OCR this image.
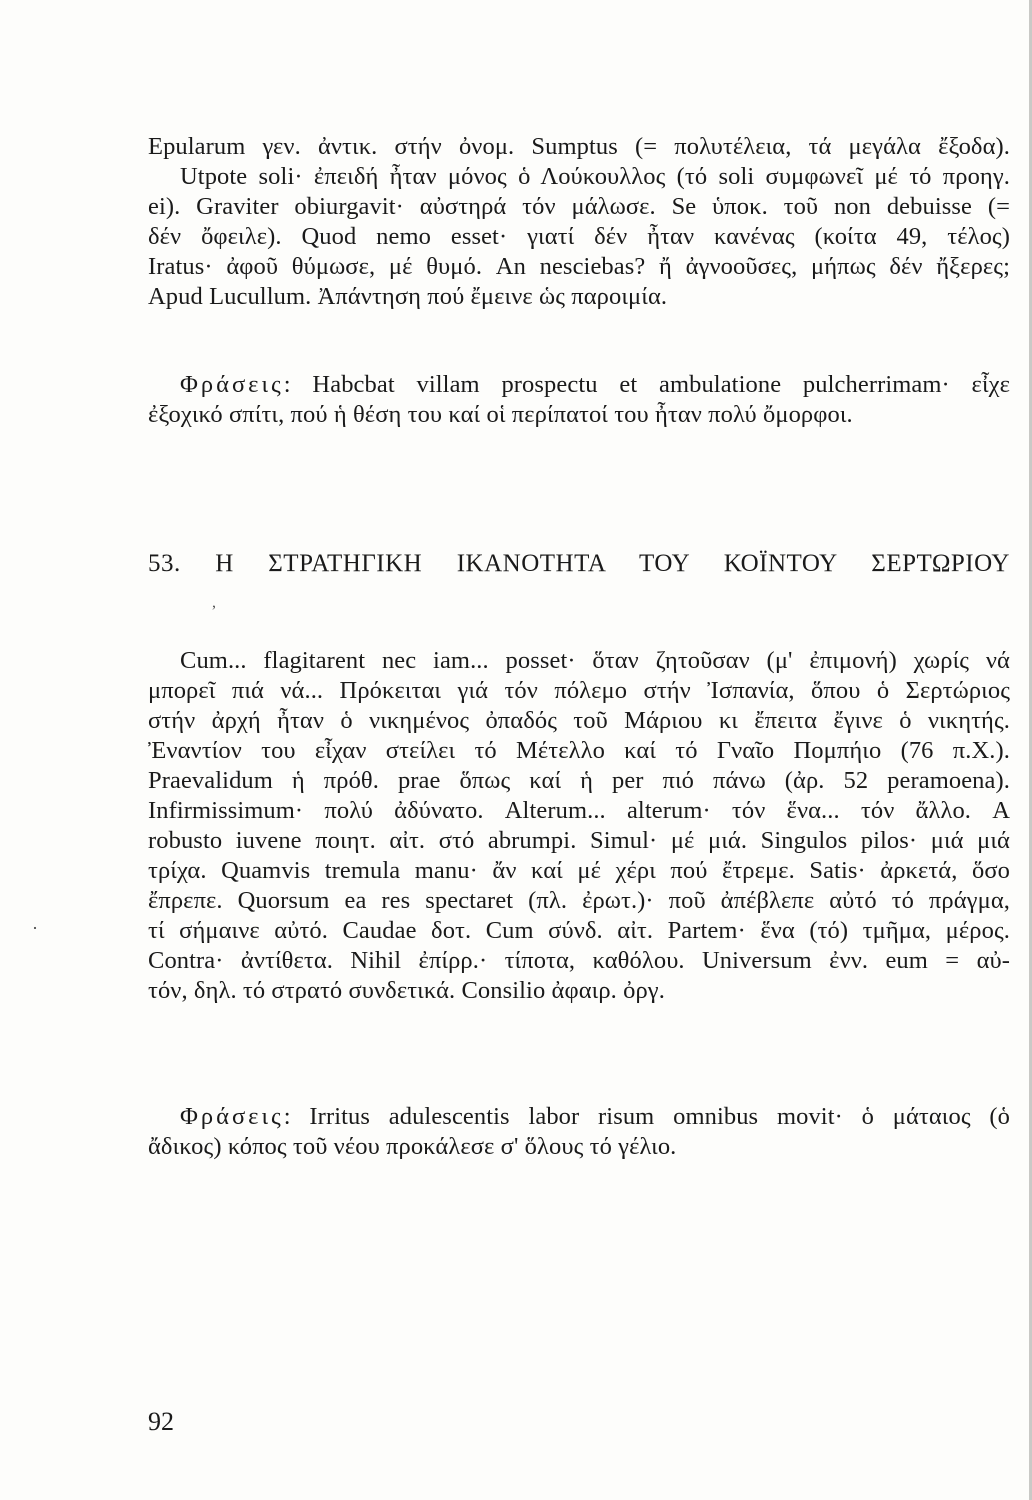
Epularum γεν. ἀντικ. στήν ὀνομ. Sumptus (= πολυτέλεια, τά μεγάλα ἔξοδα).
Utpote soli· ἐπειδή ἦταν μόνος ὁ Λούκουλλος (τό soli συμφωνεῖ μέ τό προηγ.
ei). Graviter obiurgavit· αὐστηρά τόν μάλωσε. Se ὑποκ. τοῦ non debuisse (=
δέν ὄφειλε). Quod nemo esset· γιατί δέν ἦταν κανένας (κοίτα 49, τέλος)
Iratus· ἀφοῦ θύμωσε, μέ θυμό. An nesciebas? ἤ ἀγνοοῦσες, μήπως δέν ἤξερες;
Apud Lucullum. Ἀπάντηση πού ἔμεινε ὡς παροιμία.
Φράσεις: Habcbat villam prospectu et ambulatione pulcherrimam· εἶχε
ἐξοχικό σπίτι, πού ἡ θέση του καί οἱ περίπατοί του ἦταν πολύ ὄμορφοι.
53. Η ΣΤΡΑΤΗΓΙΚΗ ΙΚΑΝΟΤΗΤΑ ΤΟΥ ΚΟΪΝΤΟΥ ΣΕΡΤΩΡΙΟΥ
,
Cum... flagitarent nec iam... posset· ὅταν ζητοῦσαν (μ' ἐπιμονή) χωρίς νά
μπορεῖ πιά νά... Πρόκειται γιά τόν πόλεμο στήν Ἰσπανία, ὅπου ὁ Σερτώριος
στήν ἀρχή ἦταν ὁ νικημένος ὀπαδός τοῦ Μάριου κι ἔπειτα ἔγινε ὁ νικητής.
Ἐναντίον του εἶχαν στείλει τό Μέτελλο καί τό Γναῖο Πομπήιο (76 π.Χ.).
Praevalidum ἡ πρόθ. prae ὅπως καί ἡ per πιό πάνω (ἀρ. 52 peramoena).
Infirmissimum· πολύ ἀδύνατο. Alterum... alterum· τόν ἕνα... τόν ἄλλο. A
robusto iuvene ποιητ. αἰτ. στό abrumpi. Simul· μέ μιά. Singulos pilos· μιά μιά
τρίχα. Quamvis tremula manu· ἄν καί μέ χέρι πού ἔτρεμε. Satis· ἀρκετά, ὅσο
ἔπρεπε. Quorsum ea res spectaret (πλ. ἐρωτ.)· ποῦ ἀπέβλεπε αὐτό τό πράγμα,
τί σήμαινε αὐτό. Caudae δοτ. Cum σύνδ. αἰτ. Partem· ἕνα (τό) τμῆμα, μέρος.
Contra· ἀντίθετα. Nihil ἐπίρρ.· τίποτα, καθόλου. Universum ἐνν. eum = αὐ-
τόν, δηλ. τό στρατό συνδετικά. Consilio ἀφαιρ. ὀργ.
·
Φράσεις: Irritus adulescentis labor risum omnibus movit· ὁ μάταιος (ὁ
ἄδικος) κόπος τοῦ νέου προκάλεσε σ' ὅλους τό γέλιο.
92
